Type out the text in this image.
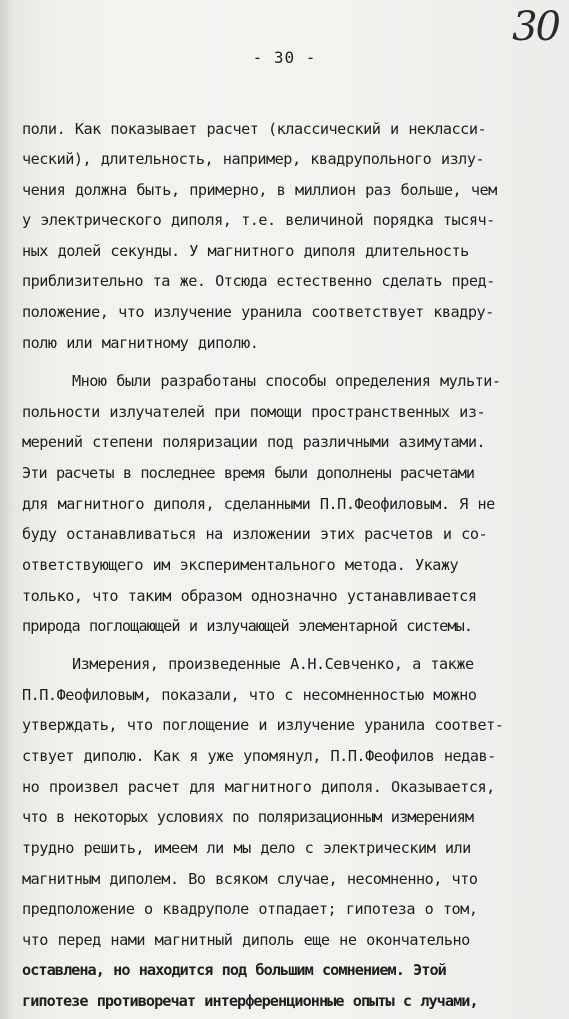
30
- 30 -
поли. Как показывает расчет (классический и некласси-
ческий), длительность, например, квадрупольного излу-
чения должна быть, примерно, в миллион раз больше, чем
у электрического диполя, т.е. величиной порядка тысяч-
ных долей секунды. У магнитного диполя длительность
приблизительно та же. Отсюда естественно сделать пред-
положение, что излучение уранила соответствует квадру-
полю или магнитному диполю.
Мною были разработаны способы определения мульти-
польности излучателей при помощи пространственных из-
мерений степени поляризации под различными азимутами.
Эти расчеты в последнее время были дополнены расчетами
для магнитного диполя, сделанными П.П.Феофиловым. Я не
буду останавливаться на изложении этих расчетов и со-
ответствующего им экспериментального метода. Укажу
только, что таким образом однозначно устанавливается
природа поглощающей и излучающей элементарной системы.
Измерения, произведенные А.Н.Севченко, а также
П.П.Феофиловым, показали, что с несомненностью можно
утверждать, что поглощение и излучение уранила соответ-
ствует диполю. Как я уже упомянул, П.П.Феофилов недав-
но произвел расчет для магнитного диполя. Оказывается,
что в некоторых условиях по поляризационным измерениям
трудно решить, имеем ли мы дело с электрическим или
магнитным диполем. Во всяком случае, несомненно, что
предположение о квадруполе отпадает; гипотеза о том,
что перед нами магнитный диполь еще не окончательно
оставлена, но находится под большим сомнением. Этой
гипотезе противоречат интерференционные опыты с лучами,
